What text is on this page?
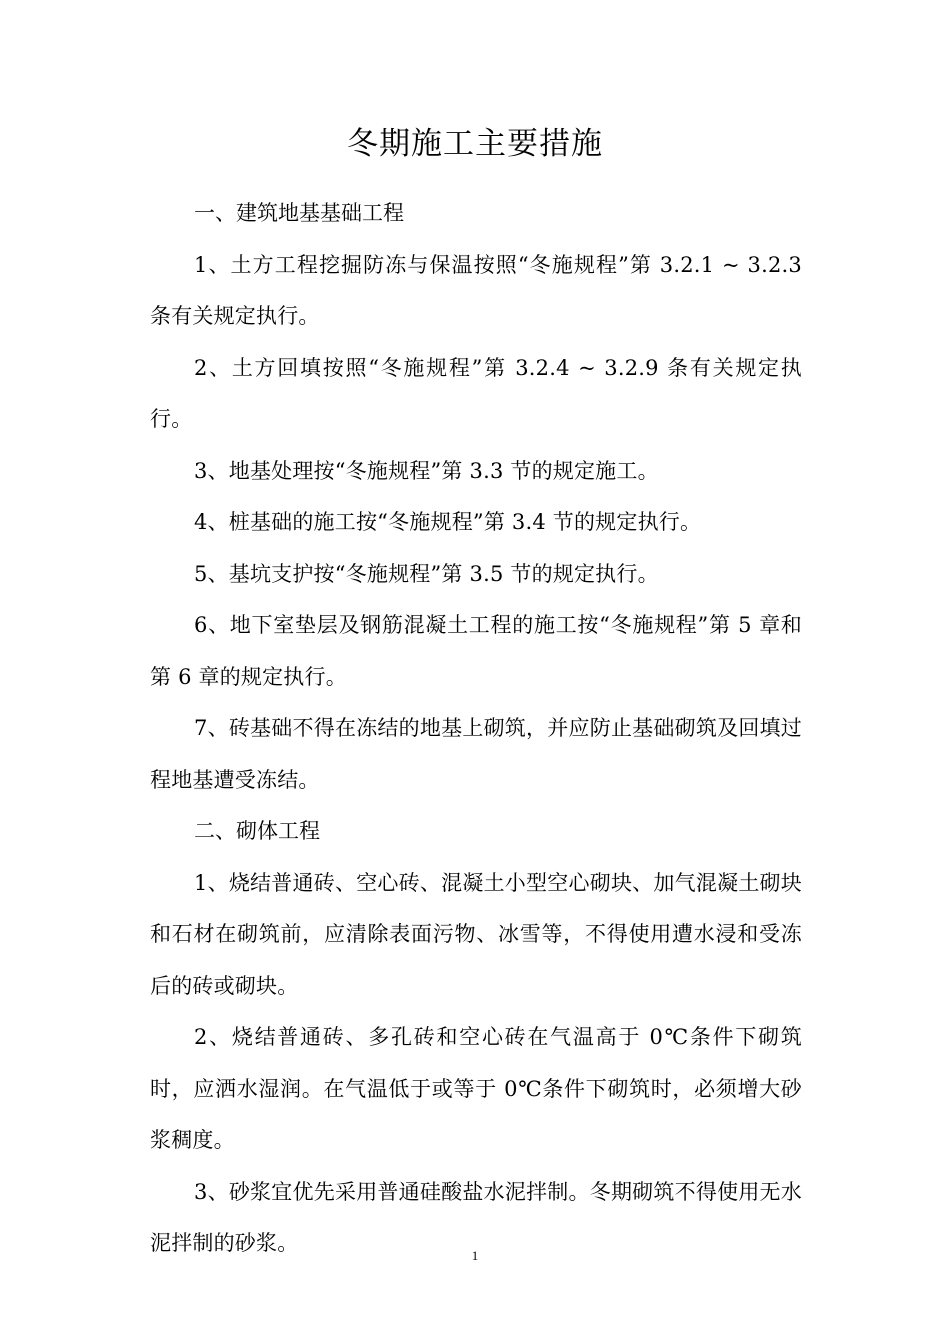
冬期施工主要措施

一、建筑地基基础工程

1、土方工程挖掘防冻与保温按照“冬施规程”第 3.2.1 ~ 3.2.3 条有关规定执行。

2、土方回填按照“冬施规程”第 3.2.4 ~ 3.2.9 条有关规定执行。

3、地基处理按“冬施规程”第 3.3 节的规定施工。

4、桩基础的施工按“冬施规程”第 3.4 节的规定执行。

5、基坑支护按“冬施规程”第 3.5 节的规定执行。

6、地下室垫层及钢筋混凝土工程的施工按“冬施规程”第 5 章和第 6 章的规定执行。

7、砖基础不得在冻结的地基上砌筑，并应防止基础砌筑及回填过程地基遭受冻结。

二、砌体工程

1、烧结普通砖、空心砖、混凝土小型空心砌块、加气混凝土砌块和石材在砌筑前，应清除表面污物、冰雪等，不得使用遭水浸和受冻后的砖或砌块。

2、烧结普通砖、多孔砖和空心砖在气温高于 0℃条件下砌筑时，应洒水湿润。在气温低于或等于 0℃条件下砌筑时，必须增大砂浆稠度。

3、砂浆宜优先采用普通硅酸盐水泥拌制。冬期砌筑不得使用无水泥拌制的砂浆。

1
